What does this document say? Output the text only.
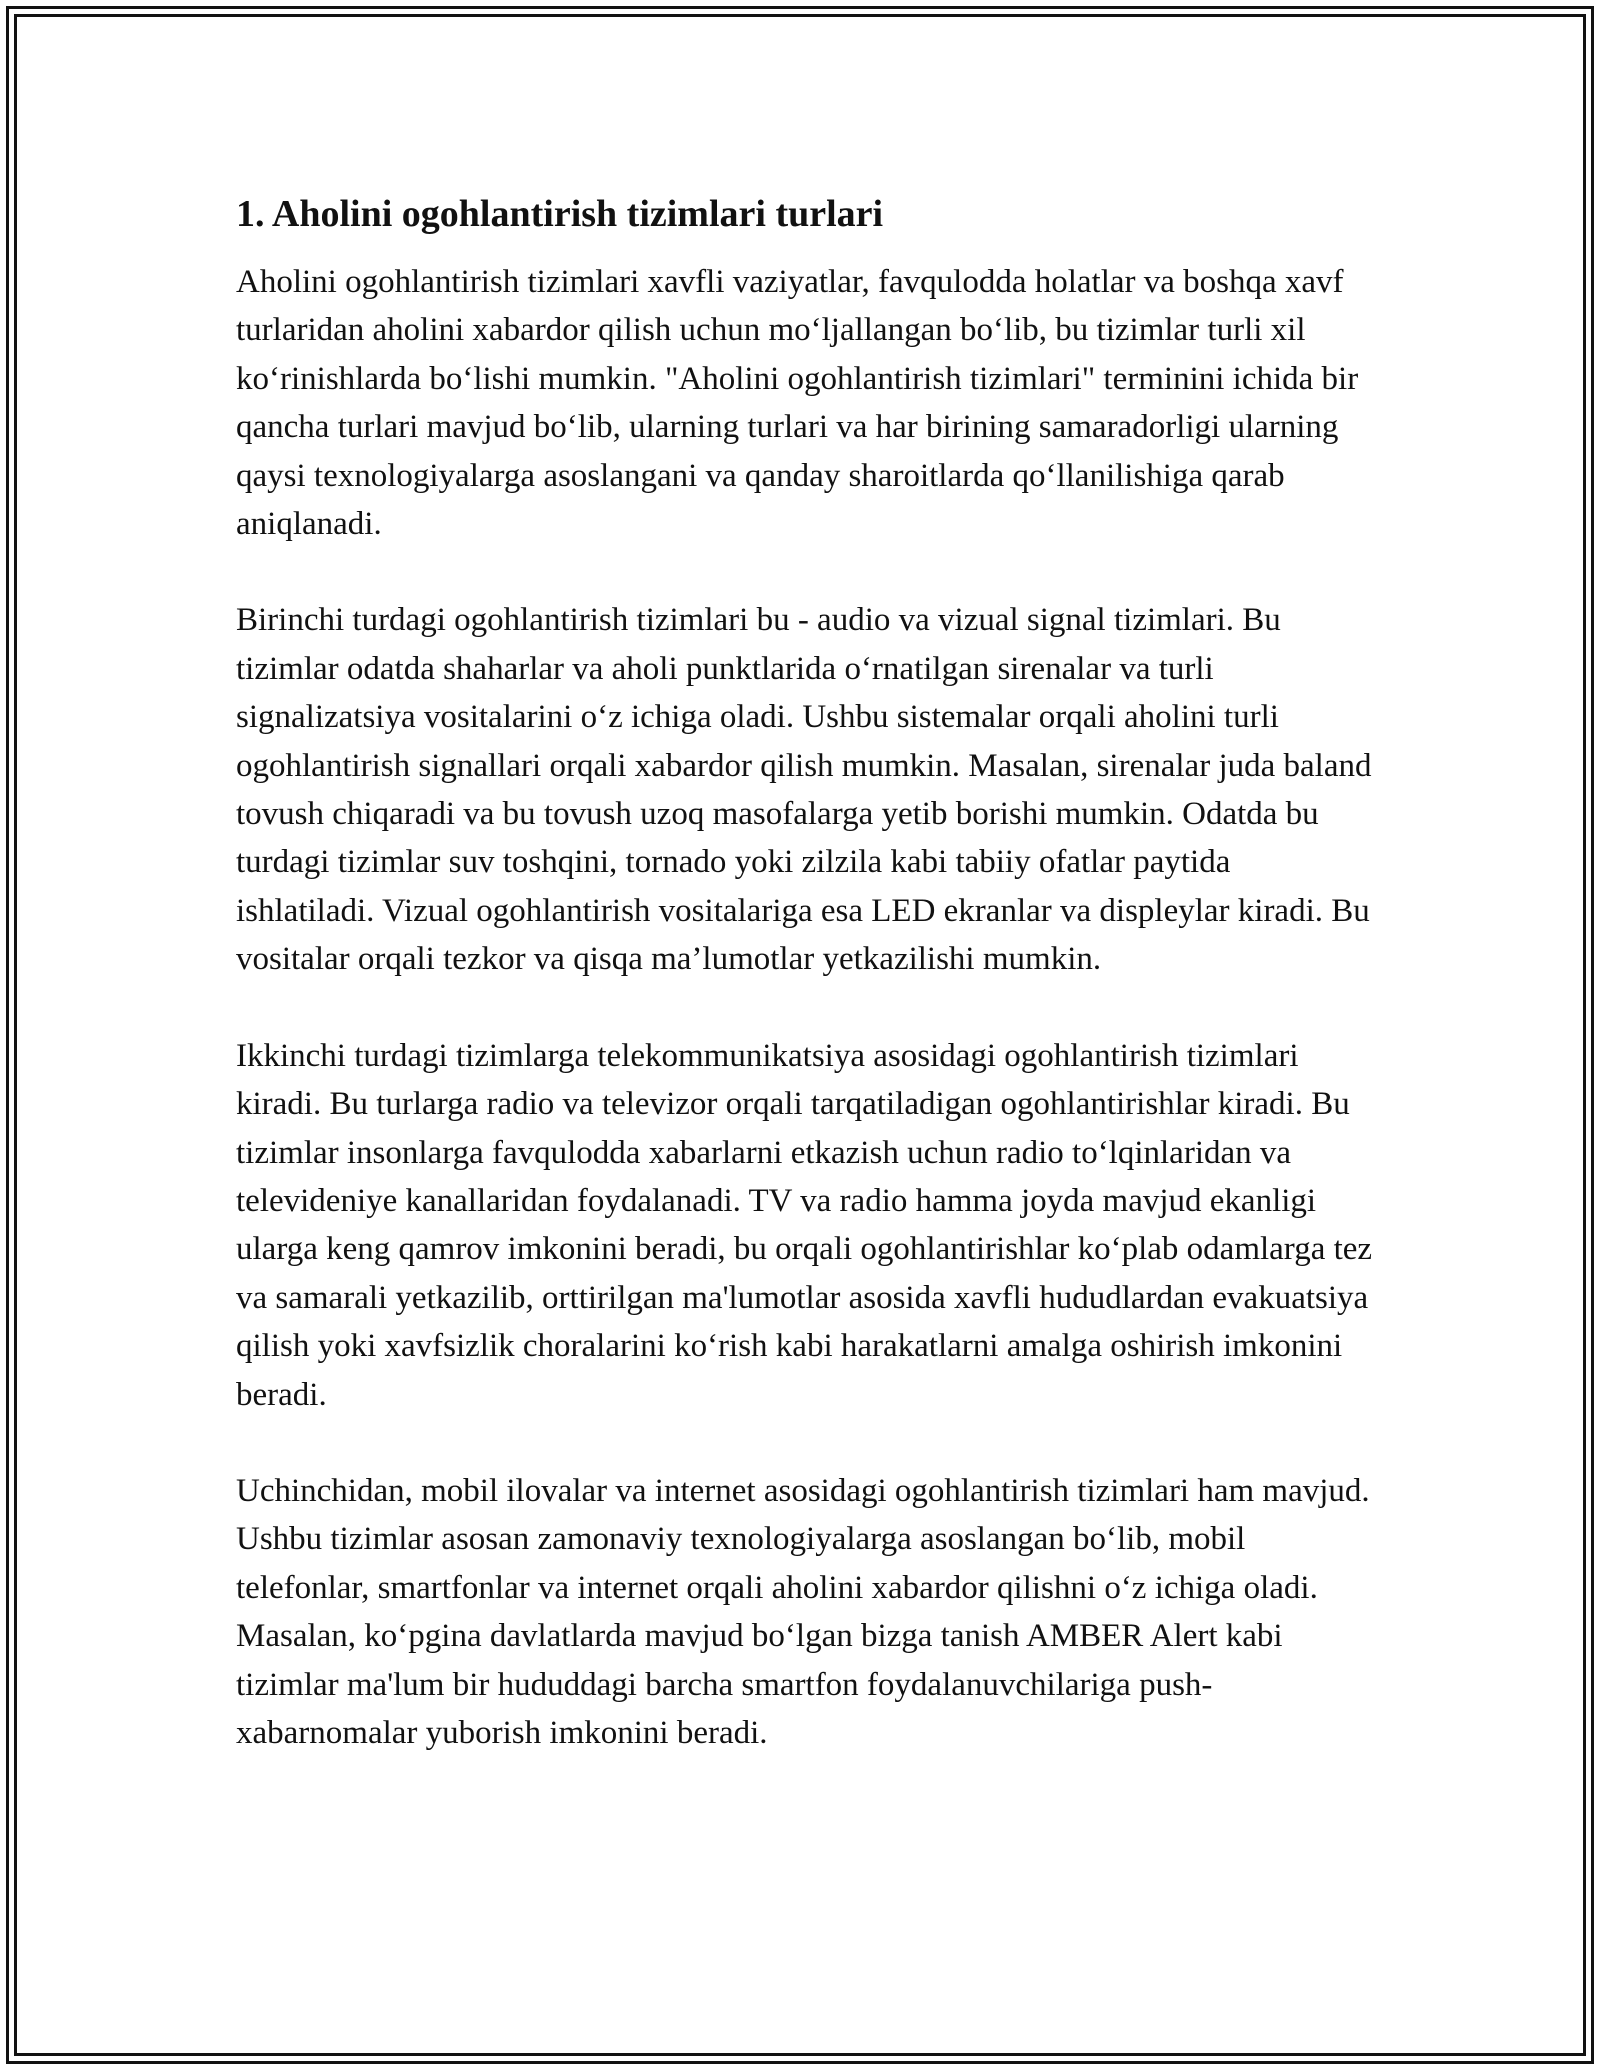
1. Aholini ogohlantirish tizimlari turlari

Aholini ogohlantirish tizimlari xavfli vaziyatlar, favqulodda holatlar va boshqa xavf turlaridan aholini xabardor qilish uchun moʻljallangan boʻlib, bu tizimlar turli xil koʻrinishlarda boʻlishi mumkin. "Aholini ogohlantirish tizimlari" terminini ichida bir qancha turlari mavjud boʻlib, ularning turlari va har birining samaradorligi ularning qaysi texnologiyalarga asoslangani va qanday sharoitlarda qoʻllanilishiga qarab aniqlanadi.

Birinchi turdagi ogohlantirish tizimlari bu - audio va vizual signal tizimlari. Bu tizimlar odatda shaharlar va aholi punktlarida oʻrnatilgan sirenalar va turli signalizatsiya vositalarini oʻz ichiga oladi. Ushbu sistemalar orqali aholini turli ogohlantirish signallari orqali xabardor qilish mumkin. Masalan, sirenalar juda baland tovush chiqaradi va bu tovush uzoq masofalarga yetib borishi mumkin. Odatda bu turdagi tizimlar suv toshqini, tornado yoki zilzila kabi tabiiy ofatlar paytida ishlatiladi. Vizual ogohlantirish vositalariga esa LED ekranlar va displeylar kiradi. Bu vositalar orqali tezkor va qisqa ma’lumotlar yetkazilishi mumkin.

Ikkinchi turdagi tizimlarga telekommunikatsiya asosidagi ogohlantirish tizimlari kiradi. Bu turlarga radio va televizor orqali tarqatiladigan ogohlantirishlar kiradi. Bu tizimlar insonlarga favqulodda xabarlarni etkazish uchun radio toʻlqinlaridan va televideniye kanallaridan foydalanadi. TV va radio hamma joyda mavjud ekanligi ularga keng qamrov imkonini beradi, bu orqali ogohlantirishlar koʻplab odamlarga tez va samarali yetkazilib, orttirilgan ma'lumotlar asosida xavfli hududlardan evakuatsiya qilish yoki xavfsizlik choralarini koʻrish kabi harakatlarni amalga oshirish imkonini beradi.

Uchinchidan, mobil ilovalar va internet asosidagi ogohlantirish tizimlari ham mavjud. Ushbu tizimlar asosan zamonaviy texnologiyalarga asoslangan boʻlib, mobil telefonlar, smartfonlar va internet orqali aholini xabardor qilishni oʻz ichiga oladi. Masalan, koʻpgina davlatlarda mavjud boʻlgan bizga tanish AMBER Alert kabi tizimlar ma'lum bir hududdagi barcha smartfon foydalanuvchilariga push-xabarnomalar yuborish imkonini beradi.
